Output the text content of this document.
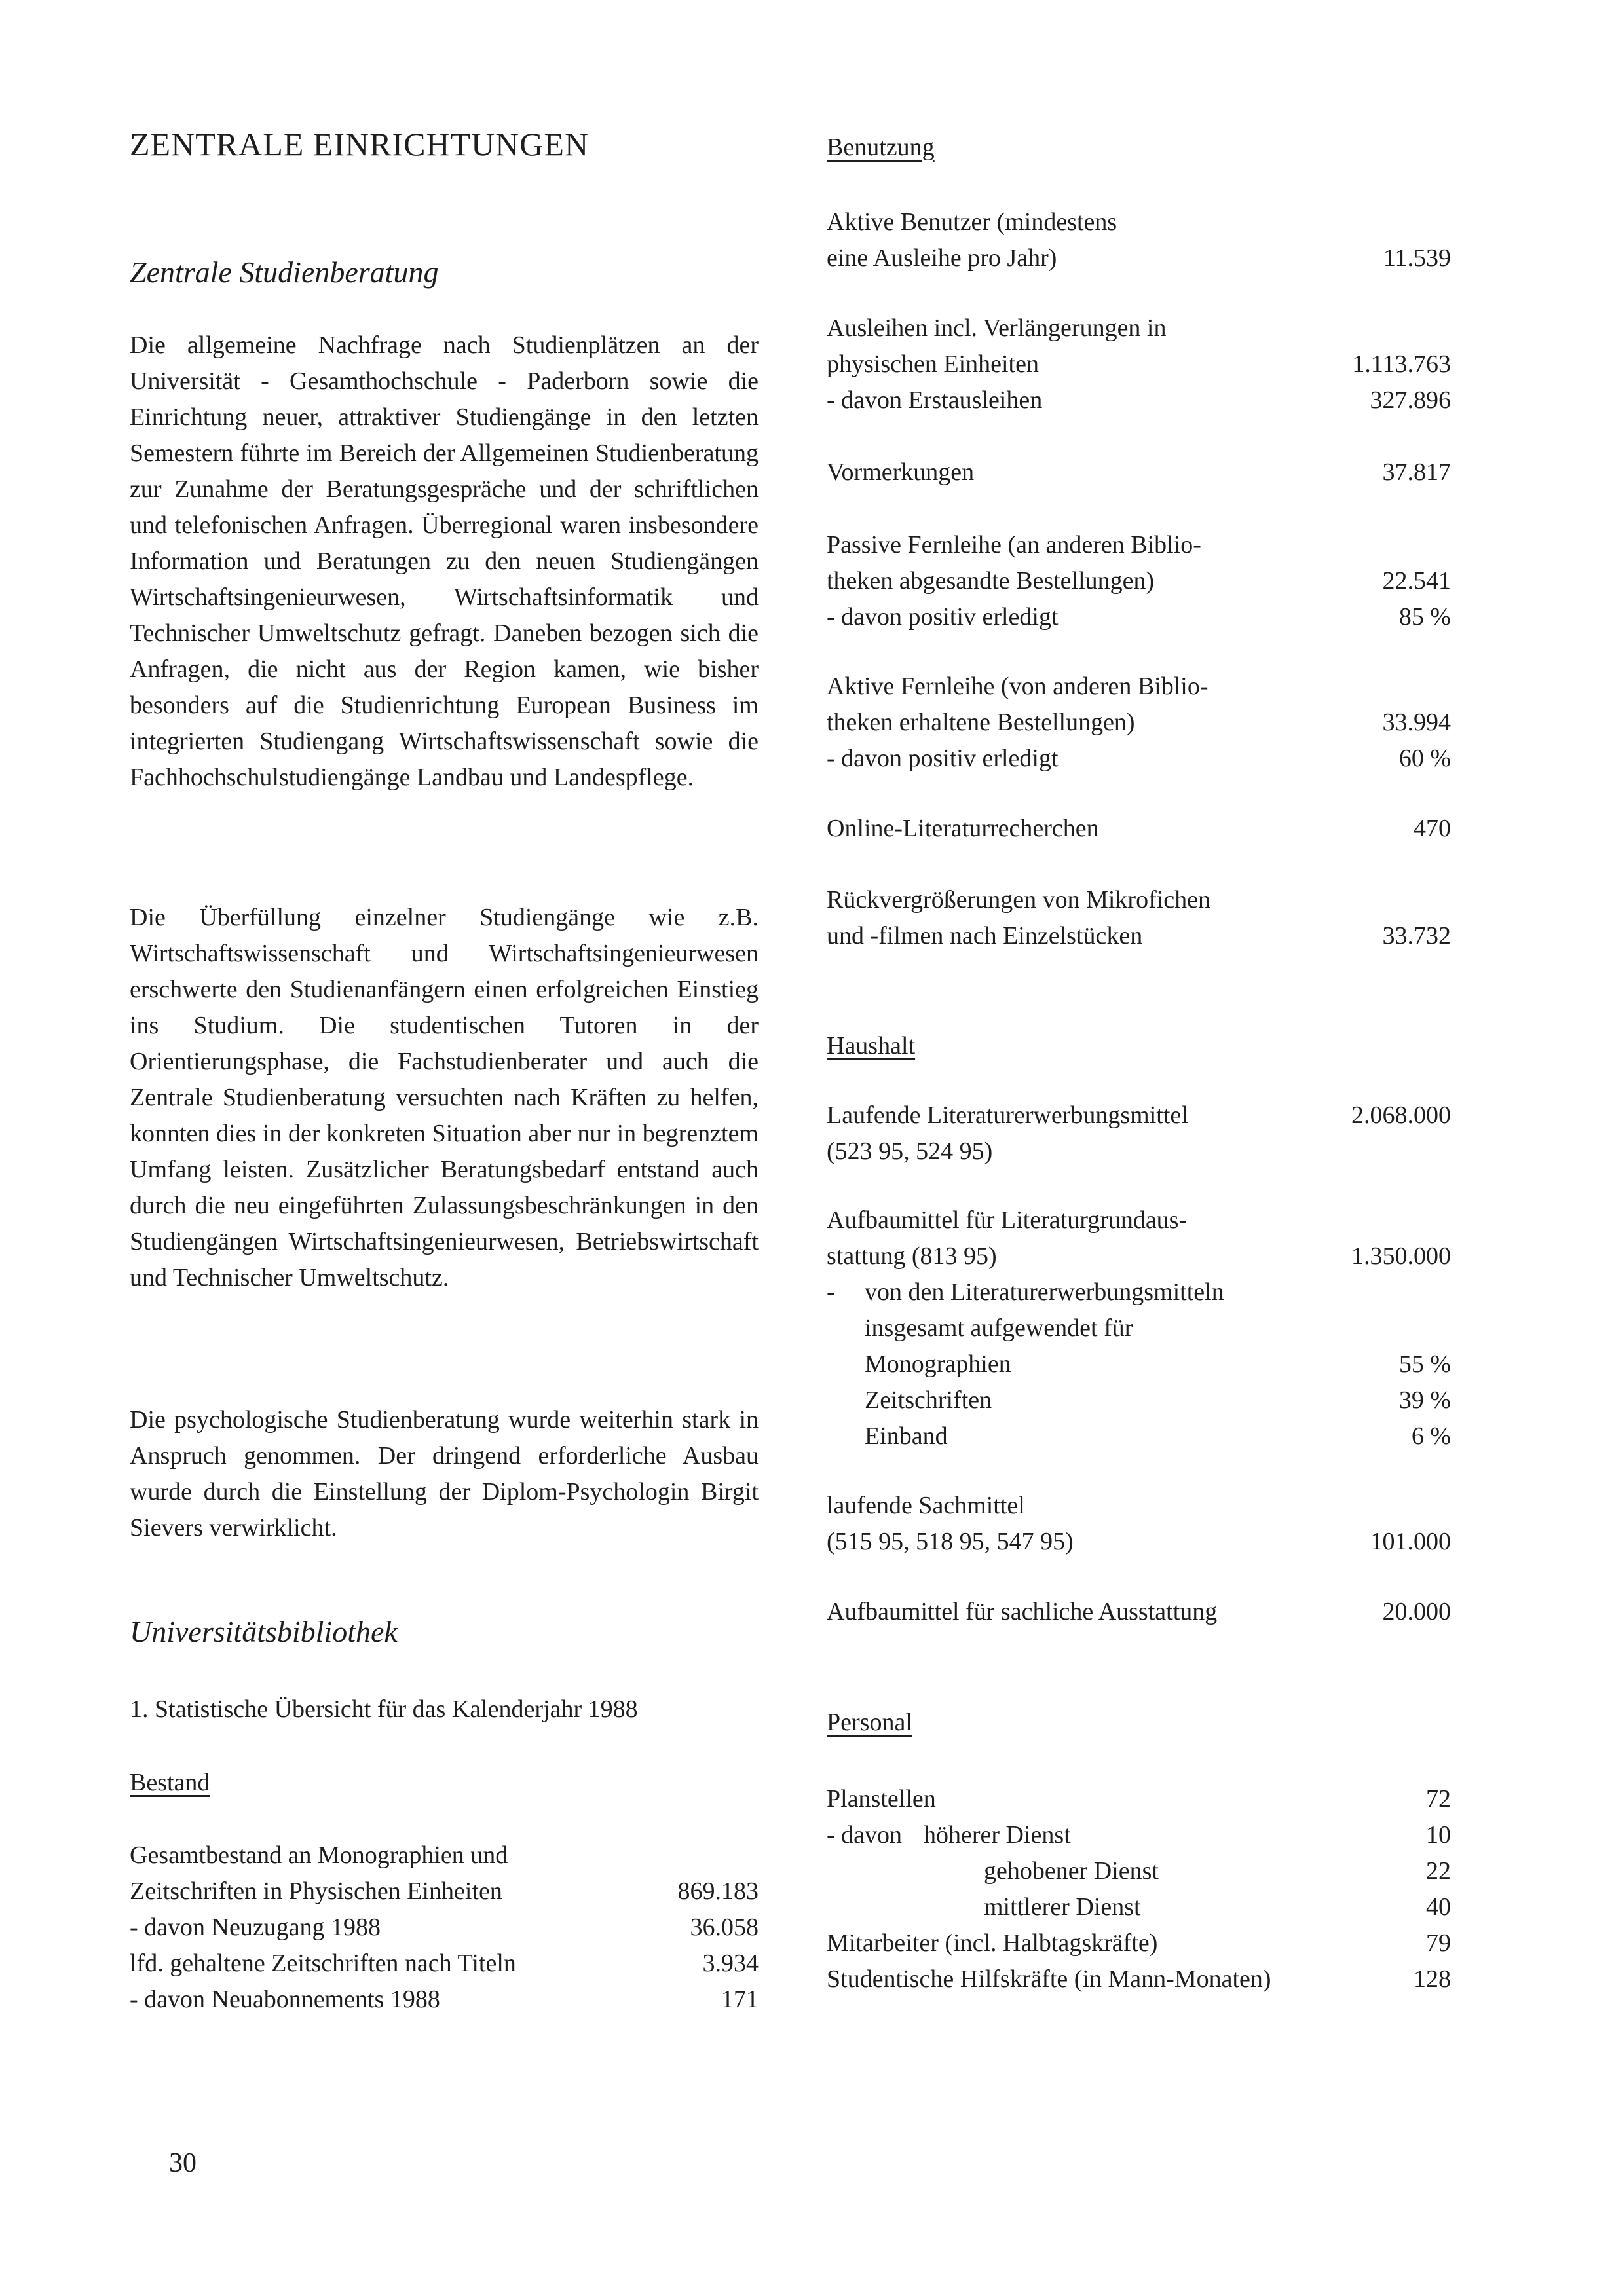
ZENTRALE EINRICHTUNGEN
Zentrale Studienberatung

Die allgemeine Nachfrage nach Studienplätzen an der Universität - Gesamthochschule - Paderborn sowie die Einrichtung neuer, attraktiver Studiengänge in den letzten Semestern führte im Bereich der Allgemeinen Studienberatung zur Zunahme der Beratungsgespräche und der schriftlichen und telefonischen Anfragen. Überregional waren insbesondere Information und Beratungen zu den neuen Studiengängen Wirtschaftsingenieurwesen, Wirtschaftsinformatik und Technischer Umweltschutz gefragt. Daneben bezogen sich die Anfragen, die nicht aus der Region kamen, wie bisher besonders auf die Studienrichtung European Business im integrierten Studiengang Wirtschaftswissenschaft sowie die Fachhochschulstudiengänge Landbau und Landespflege.

Die Überfüllung einzelner Studiengänge wie z.B. Wirtschaftswissenschaft und Wirtschaftsingenieurwesen erschwerte den Studienanfängern einen erfolgreichen Einstieg ins Studium. Die studentischen Tutoren in der Orientierungsphase, die Fachstudienberater und auch die Zentrale Studienberatung versuchten nach Kräften zu helfen, konnten dies in der konkreten Situation aber nur in begrenztem Umfang leisten. Zusätzlicher Beratungsbedarf entstand auch durch die neu eingeführten Zulassungsbeschränkungen in den Studiengängen Wirtschaftsingenieurwesen, Betriebswirtschaft und Technischer Umweltschutz.

Die psychologische Studienberatung wurde weiterhin stark in Anspruch genommen. Der dringend erforderliche Ausbau wurde durch die Einstellung der Diplom-Psychologin Birgit Sievers verwirklicht.

Universitätsbibliothek
1. Statistische Übersicht für das Kalenderjahr 1988
Bestand
Gesamtbestand an Monographien und
Zeitschriften in Physischen Einheiten	869.183
- davon Neuzugang 1988	36.058
lfd. gehaltene Zeitschriften nach Titeln	3.934
- davon Neuabonnements 1988	171
Benutzung
Aktive Benutzer (mindestens
eine Ausleihe pro Jahr)	11.539
Ausleihen incl. Verlängerungen in
physischen Einheiten	1.113.763
- davon Erstausleihen	327.896
Vormerkungen	37.817
Passive Fernleihe (an anderen Biblio-
theken abgesandte Bestellungen)	22.541
- davon positiv erledigt	85 %
Aktive Fernleihe (von anderen Biblio-
theken erhaltene Bestellungen)	33.994
- davon positiv erledigt	60 %
Online-Literaturrecherchen	470
Rückvergrößerungen von Mikrofichen
und -filmen nach Einzelstücken	33.732
Haushalt
Laufende Literaturerwerbungsmittel	2.068.000
(523 95, 524 95)
Aufbaumittel für Literaturgrundaus-
stattung (813 95)	1.350.000
-	von den Literaturerwerbungsmitteln
insgesamt aufgewendet für
Monographien	55 %
Zeitschriften	39 %
Einband	6 %
laufende Sachmittel
(515 95, 518 95, 547 95)	101.000
Aufbaumittel für sachliche Ausstattung	20.000
Personal
Planstellen	72
- davon höherer Dienst	10
gehobener Dienst	22
mittlerer Dienst	40
Mitarbeiter (incl. Halbtagskräfte)	79
Studentische Hilfskräfte (in Mann-Monaten)	128
30
